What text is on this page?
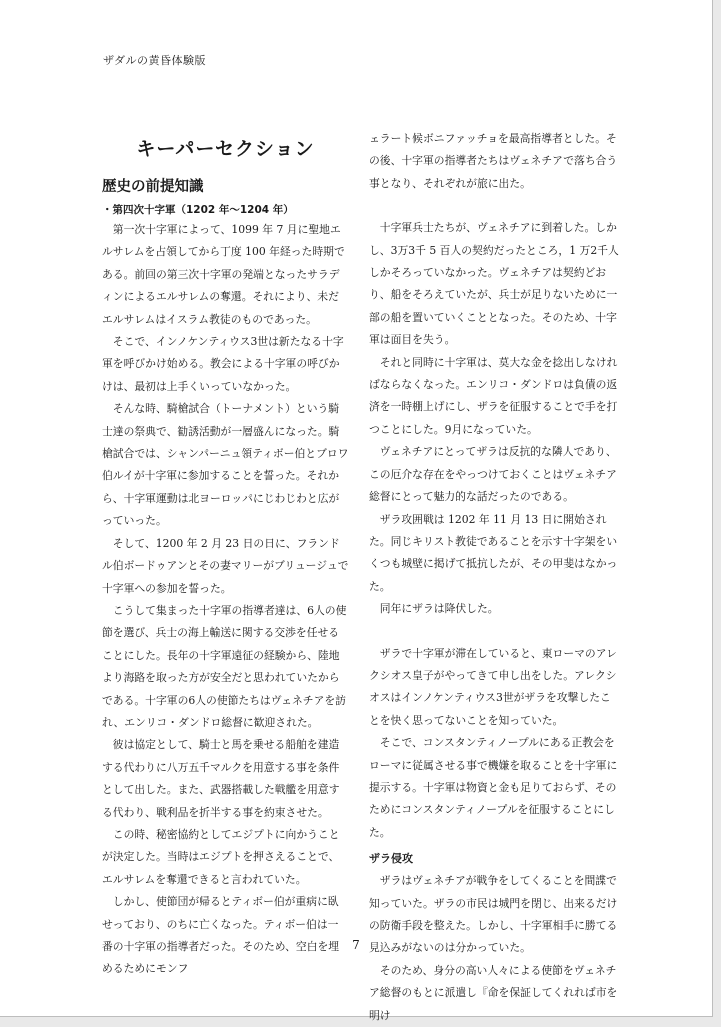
ザダルの黄昏体験版
キーパーセクション
歴史の前提知識
・第四次十字軍（1202 年～1204 年）

第一次十字軍によって、1099 年 7 月に聖地エルサレムを占領してから丁度 100 年経った時期である。前回の第三次十字軍の発端となったサラディンによるエルサレムの奪還。それにより、未だエルサレムはイスラム教徒のものであった。

そこで、インノケンティウス3世は新たなる十字軍を呼びかけ始める。教会による十字軍の呼びかけは、最初は上手くいっていなかった。

そんな時、騎槍試合（トーナメント）という騎士達の祭典で、勧誘活動が一層盛んになった。騎槍試合では、シャンパーニュ領ティボー伯とブロワ伯ルイが十字軍に参加することを誓った。それから、十字軍運動は北ヨーロッパにじわじわと広がっていった。

そして、1200 年 2 月 23 日の日に、フランドル伯ボードゥアンとその妻マリーがブリュージュで十字軍への参加を誓った。

こうして集まった十字軍の指導者達は、6人の使節を選び、兵士の海上輸送に関する交渉を任せることにした。長年の十字軍遠征の経験から、陸地より海路を取った方が安全だと思われていたからである。十字軍の6人の使節たちはヴェネチアを訪れ、エンリコ・ダンドロ総督に歓迎された。

彼は協定として、騎士と馬を乗せる船舶を建造する代わりに八万五千マルクを用意する事を条件として出した。また、武器搭載した戦艦を用意する代わり、戦利品を折半する事を約束させた。

この時、秘密協約としてエジプトに向かうことが決定した。当時はエジプトを押さえることで、エルサレムを奪還できると言われていた。

しかし、使節団が帰るとティボー伯が重病に臥せっており、のちに亡くなった。ティボー伯は一番の十字軍の指導者だった。そのため、空白を埋めるためにモンフ

ェラート候ボニファッチョを最高指導者とした。その後、十字軍の指導者たちはヴェネチアで落ち合う事となり、それぞれが旅に出た。

十字軍兵士たちが、ヴェネチアに到着した。しかし、3万3千 5 百人の契約だったところ，1 万2千人しかそろっていなかった。ヴェネチアは契約どおり、船をそろえていたが、兵士が足りないために一部の船を置いていくこととなった。そのため、十字軍は面目を失う。

それと同時に十字軍は、莫大な金を捻出しなければならなくなった。エンリコ・ダンドロは負債の返済を一時棚上げにし、ザラを征服することで手を打つことにした。9月になっていた。

ヴェネチアにとってザラは反抗的な隣人であり、この厄介な存在をやっつけておくことはヴェネチア総督にとって魅力的な話だったのである。

ザラ攻囲戦は 1202 年 11 月 13 日に開始された。同じキリスト教徒であることを示す十字架をいくつも城壁に掲げて抵抗したが、その甲斐はなかった。

同年にザラは降伏した。

ザラで十字軍が滞在していると、東ローマのアレクシオス皇子がやってきて申し出をした。アレクシオスはインノケンティウス3世がザラを攻撃したことを快く思ってないことを知っていた。

そこで、コンスタンティノープルにある正教会をローマに従属させる事で機嫌を取ることを十字軍に提示する。十字軍は物資と金も足りておらず、そのためにコンスタンティノープルを征服することにした。

ザラ侵攻

ザラはヴェネチアが戦争をしてくることを間諜で知っていた。ザラの市民は城門を閉じ、出来るだけの防衛手段を整えた。しかし、十字軍相手に勝てる見込みがないのは分かっていた。

そのため、身分の高い人々による使節をヴェネチア総督のもとに派遣し『命を保証してくれれば市を明け

7
